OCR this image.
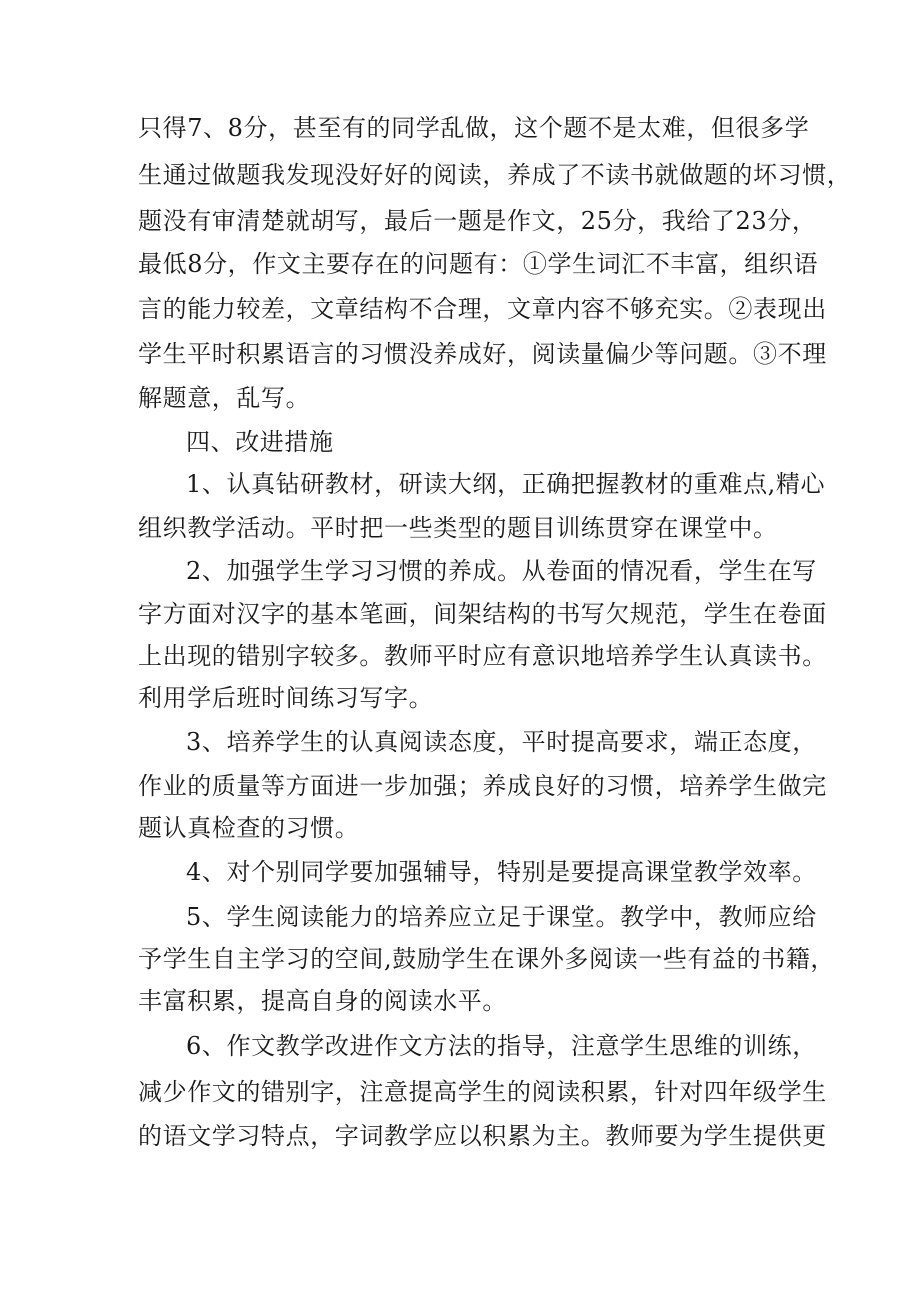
只得7、8分，甚至有的同学乱做，这个题不是太难，但很多学
生通过做题我发现没好好的阅读，养成了不读书就做题的坏习惯，
题没有审清楚就胡写，最后一题是作文，25分，我给了23分，
最低8分，作文主要存在的问题有：①学生词汇不丰富，组织语
言的能力较差，文章结构不合理，文章内容不够充实。②表现出
学生平时积累语言的习惯没养成好，阅读量偏少等问题。③不理
解题意，乱写。
四、改进措施
1、认真钻研教材，研读大纲，正确把握教材的重难点,精心
组织教学活动。平时把一些类型的题目训练贯穿在课堂中。
2、加强学生学习习惯的养成。从卷面的情况看，学生在写
字方面对汉字的基本笔画，间架结构的书写欠规范，学生在卷面
上出现的错别字较多。教师平时应有意识地培养学生认真读书。
利用学后班时间练习写字。
3、培养学生的认真阅读态度，平时提高要求，端正态度，
作业的质量等方面进一步加强；养成良好的习惯，培养学生做完
题认真检查的习惯。
4、对个别同学要加强辅导，特别是要提高课堂教学效率。
5、学生阅读能力的培养应立足于课堂。教学中，教师应给
予学生自主学习的空间,鼓励学生在课外多阅读一些有益的书籍，
丰富积累，提高自身的阅读水平。
6、作文教学改进作文方法的指导，注意学生思维的训练，
减少作文的错别字，注意提高学生的阅读积累，针对四年级学生
的语文学习特点，字词教学应以积累为主。教师要为学生提供更
